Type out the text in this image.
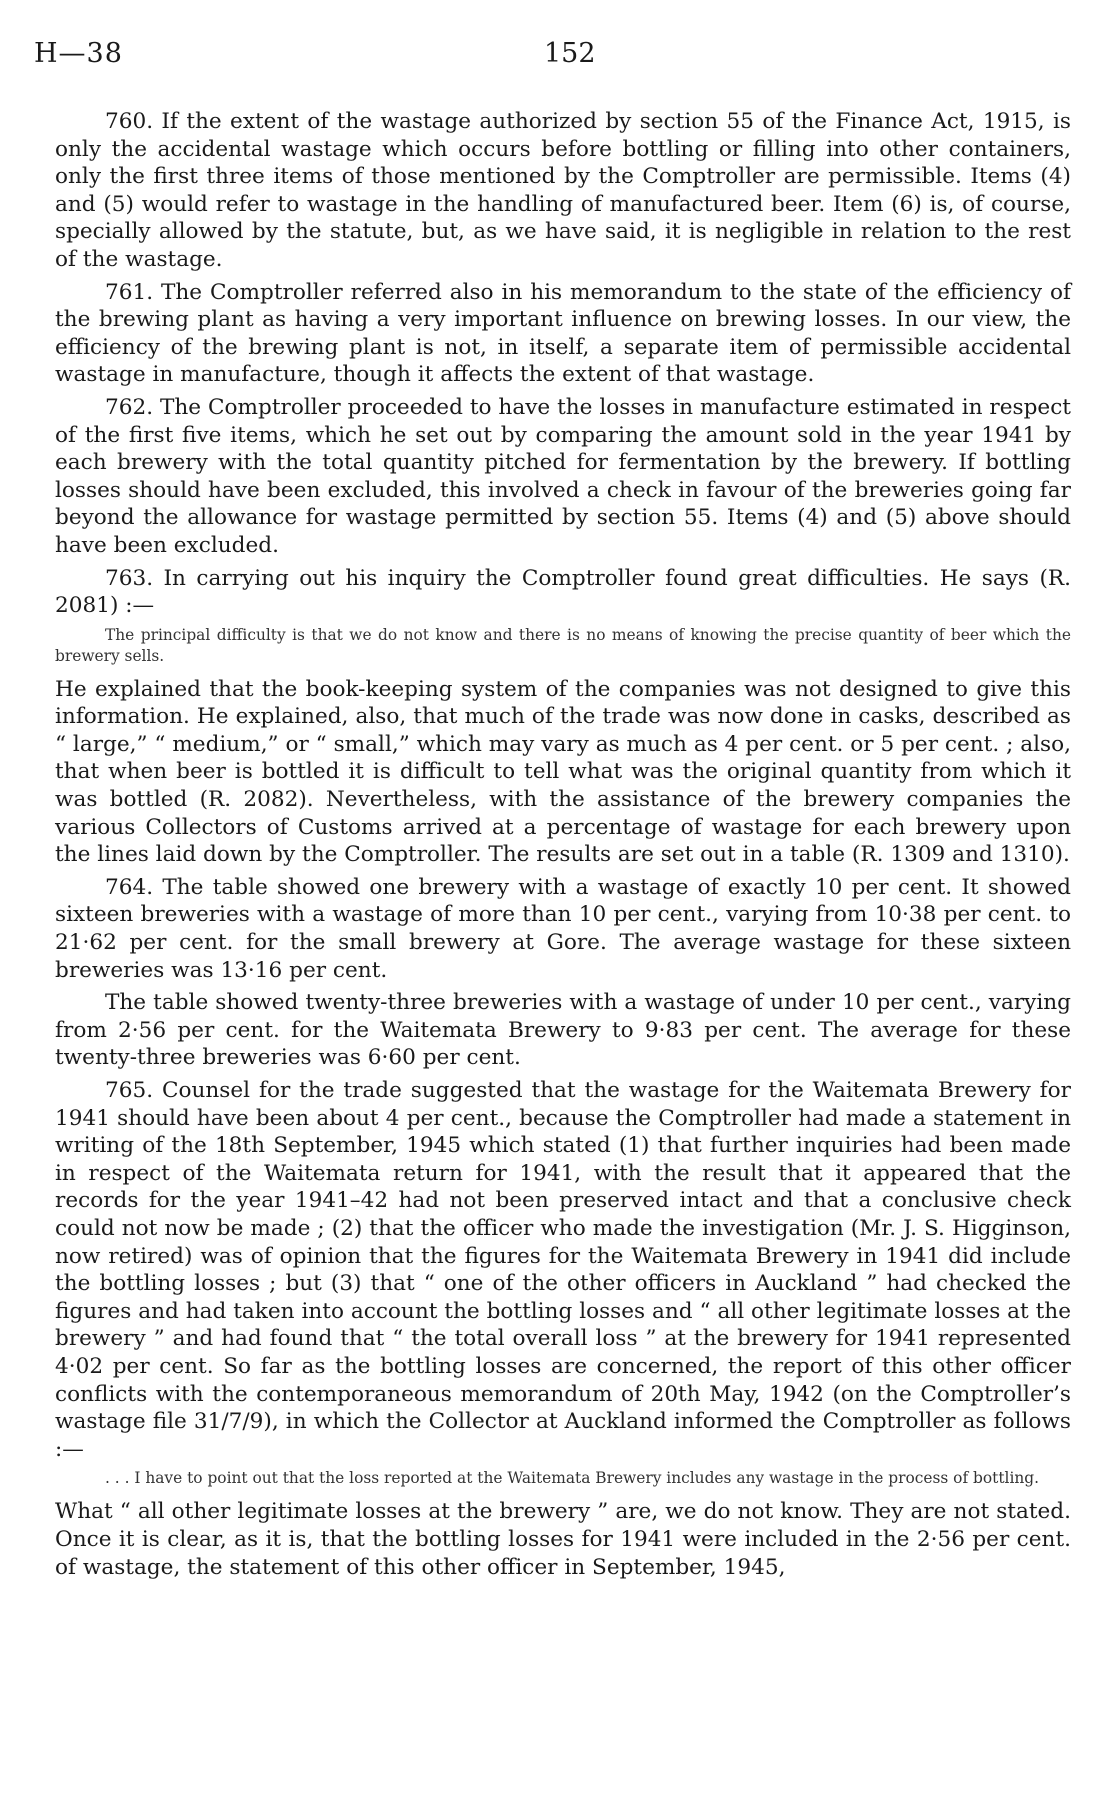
H—38	152

760. If the extent of the wastage authorized by section 55 of the Finance Act, 1915, is only the accidental wastage which occurs before bottling or filling into other containers, only the first three items of those mentioned by the Comptroller are permissible. Items (4) and (5) would refer to wastage in the handling of manufactured beer. Item (6) is, of course, specially allowed by the statute, but, as we have said, it is negligible in relation to the rest of the wastage.

761. The Comptroller referred also in his memorandum to the state of the efficiency of the brewing plant as having a very important influence on brewing losses. In our view, the efficiency of the brewing plant is not, in itself, a separate item of permissible accidental wastage in manufacture, though it affects the extent of that wastage.

762. The Comptroller proceeded to have the losses in manufacture estimated in respect of the first five items, which he set out by comparing the amount sold in the year 1941 by each brewery with the total quantity pitched for fermentation by the brewery. If bottling losses should have been excluded, this involved a check in favour of the breweries going far beyond the allowance for wastage permitted by section 55. Items (4) and (5) above should have been excluded.

763. In carrying out his inquiry the Comptroller found great difficulties. He says (R. 2081) :—

The principal difficulty is that we do not know and there is no means of knowing the precise quantity of beer which the brewery sells.

He explained that the book-keeping system of the companies was not designed to give this information. He explained, also, that much of the trade was now done in casks, described as “ large,” “ medium,” or “ small,” which may vary as much as 4 per cent. or 5 per cent. ; also, that when beer is bottled it is difficult to tell what was the original quantity from which it was bottled (R. 2082). Nevertheless, with the assistance of the brewery companies the various Collectors of Customs arrived at a percentage of wastage for each brewery upon the lines laid down by the Comptroller. The results are set out in a table (R. 1309 and 1310).

764. The table showed one brewery with a wastage of exactly 10 per cent. It showed sixteen breweries with a wastage of more than 10 per cent., varying from 10·38 per cent. to 21·62 per cent. for the small brewery at Gore. The average wastage for these sixteen breweries was 13·16 per cent.

The table showed twenty-three breweries with a wastage of under 10 per cent., varying from 2·56 per cent. for the Waitemata Brewery to 9·83 per cent. The average for these twenty-three breweries was 6·60 per cent.

765. Counsel for the trade suggested that the wastage for the Waitemata Brewery for 1941 should have been about 4 per cent., because the Comptroller had made a statement in writing of the 18th September, 1945 which stated (1) that further inquiries had been made in respect of the Waitemata return for 1941, with the result that it appeared that the records for the year 1941–42 had not been preserved intact and that a conclusive check could not now be made ; (2) that the officer who made the investigation (Mr. J. S. Higginson, now retired) was of opinion that the figures for the Waitemata Brewery in 1941 did include the bottling losses ; but (3) that “ one of the other officers in Auckland ” had checked the figures and had taken into account the bottling losses and “ all other legitimate losses at the brewery ” and had found that “ the total overall loss ” at the brewery for 1941 represented 4·02 per cent. So far as the bottling losses are concerned, the report of this other officer conflicts with the contemporaneous memorandum of 20th May, 1942 (on the Comptroller’s wastage file 31/7/9), in which the Collector at Auckland informed the Comptroller as follows :—

. . . I have to point out that the loss reported at the Waitemata Brewery includes any wastage in the process of bottling.

What “ all other legitimate losses at the brewery ” are, we do not know. They are not stated. Once it is clear, as it is, that the bottling losses for 1941 were included in the 2·56 per cent. of wastage, the statement of this other officer in September, 1945,
